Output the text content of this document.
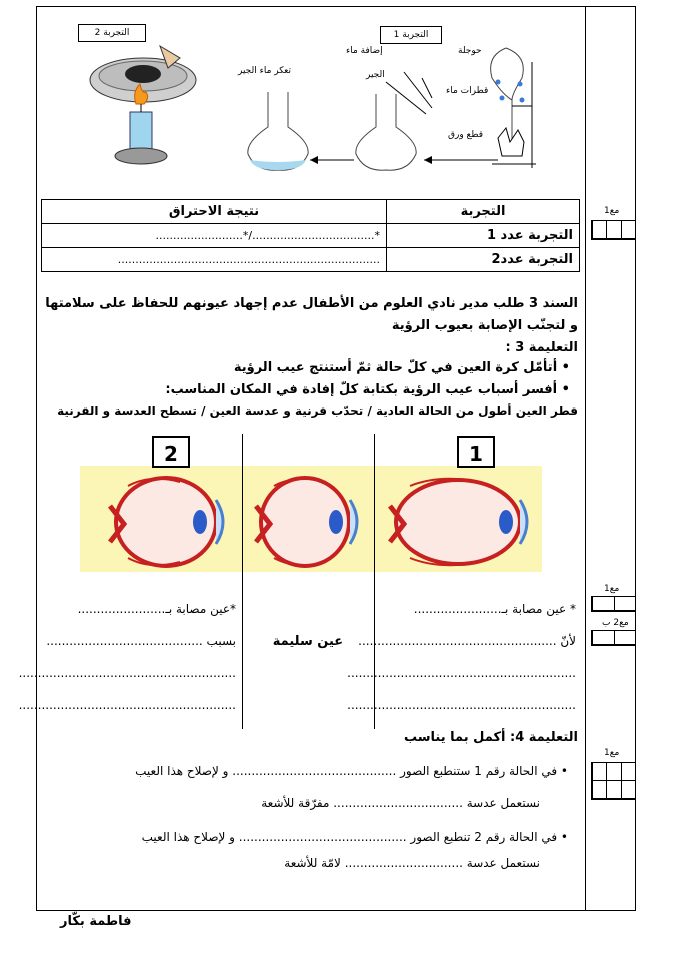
التجربة 2	التجربة 1
تعكر ماء الجير
إضافة ماء
الجير
حوجلة
قطرات ماء
قطع ورق
التجربة	نتيجة الاحتراق
التجربة عدد 1	*.................................../*.........................
التجربة عدد2	...........................................................................
مع1
السند 3 طلب مدير نادي العلوم من الأطفال عدم إجهاد عيونهم للحفاظ على سلامتها
و لتجنّب الإصابة بعيوب الرؤية
التعليمة 3 :
• أتأمّل كرة العين في كلّ حالة ثمّ أستنتج عيب الرؤية
• أفسر أسباب عيب الرؤية بكتابة كلّ إفادة في المكان المناسب:
قطر العين أطول من الحالة العادية / تحدّب قرنية و عدسة العين / تسطح العدسة و القرنية
2	1
* عين مصابة بـ.......................
لأنّ ....................................................
............................................................
............................................................
عين سليمة
*عين مصابة بـ.......................
بسبب .........................................
.........................................................
.........................................................
مع1
مع2 ب
التعليمة 4: أكمل بما يناسب
• في الحالة رقم 1 ستنطبع الصور ........................................... و لإصلاح هذا العيب
نستعمل عدسة .................................. مفرّقة للأشعة
• في الحالة رقم 2 تنطبع الصور ............................................ و لإصلاح هذا العيب
نستعمل عدسة ............................... لامّة للأشعة
مع1
فاطمة بكّار
